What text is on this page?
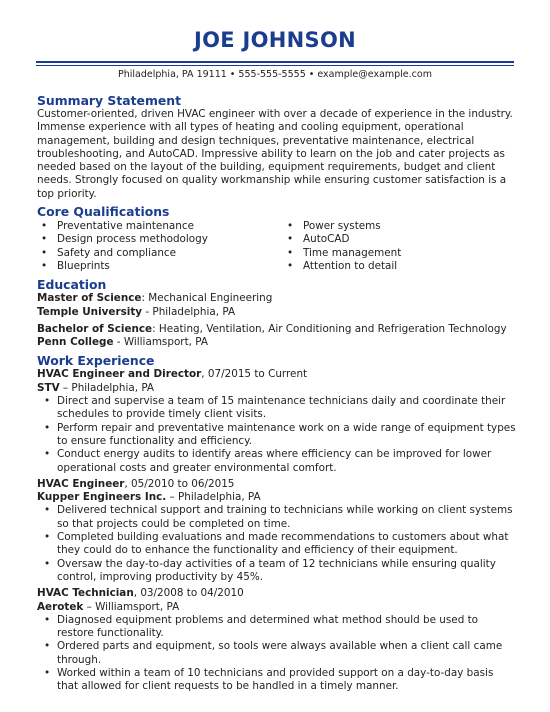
JOE JOHNSON
Philadelphia, PA 19111 • 555-555-5555 • example@example.com
Summary Statement

Customer-oriented, driven HVAC engineer with over a decade of experience in the industry. Immense experience with all types of heating and cooling equipment, operational management, building and design techniques, preventative maintenance, electrical troubleshooting, and AutoCAD. Impressive ability to learn on the job and cater projects as needed based on the layout of the building, equipment requirements, budget and client needs. Strongly focused on quality workmanship while ensuring customer satisfaction is a top priority.

Core Qualifications
• Preventative maintenance
• Design process methodology
• Safety and compliance
• Blueprints
• Power systems
• AutoCAD
• Time management
• Attention to detail
Education

Master of Science: Mechanical Engineering

Temple University - Philadelphia, PA

Bachelor of Science: Heating, Ventilation, Air Conditioning and Refrigeration Technology

Penn College - Williamsport, PA

Work Experience

HVAC Engineer and Director, 07/2015 to Current

STV – Philadelphia, PA

• Direct and supervise a team of 15 maintenance technicians daily and coordinate their schedules to provide timely client visits.
• Perform repair and preventative maintenance work on a wide range of equipment types to ensure functionality and efficiency.
• Conduct energy audits to identify areas where efficiency can be improved for lower operational costs and greater environmental comfort.

HVAC Engineer, 05/2010 to 06/2015

Kupper Engineers Inc. – Philadelphia, PA

• Delivered technical support and training to technicians while working on client systems so that projects could be completed on time.
• Completed building evaluations and made recommendations to customers about what they could do to enhance the functionality and efficiency of their equipment.
• Oversaw the day-to-day activities of a team of 12 technicians while ensuring quality control, improving productivity by 45%.

HVAC Technician, 03/2008 to 04/2010

Aerotek – Williamsport, PA

• Diagnosed equipment problems and determined what method should be used to restore functionality.
• Ordered parts and equipment, so tools were always available when a client call came through.
• Worked within a team of 10 technicians and provided support on a day-to-day basis that allowed for client requests to be handled in a timely manner.
